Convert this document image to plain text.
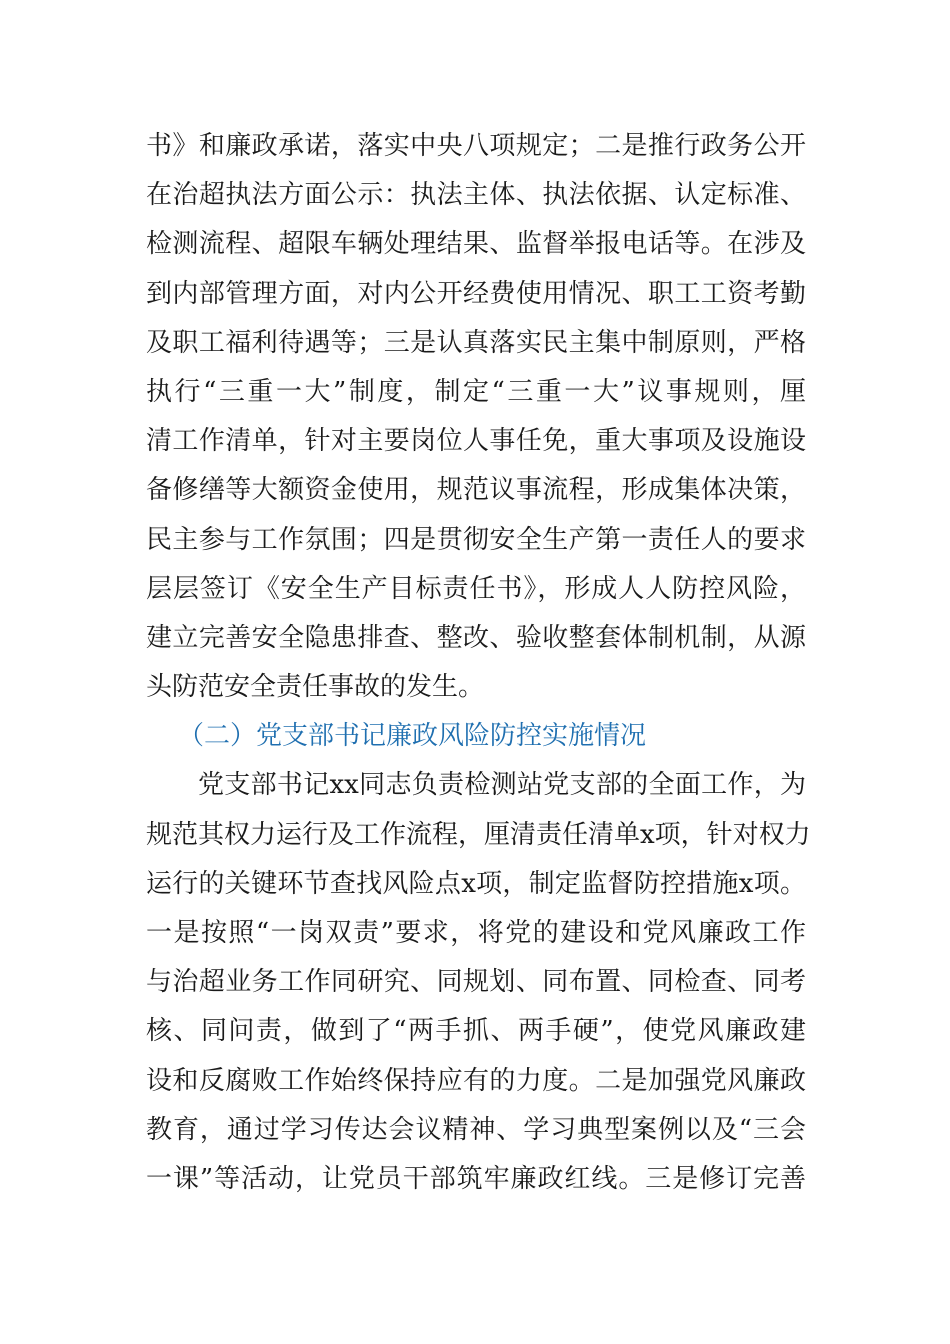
书》和廉政承诺，落实中央八项规定；二是推行政务公开
在治超执法方面公示：执法主体、执法依据、认定标准、
检测流程、超限车辆处理结果、监督举报电话等。在涉及
到内部管理方面，对内公开经费使用情况、职工工资考勤
及职工福利待遇等；三是认真落实民主集中制原则，严格
执行“三重一大”制度，制定“三重一大”议事规则，厘
清工作清单，针对主要岗位人事任免，重大事项及设施设
备修缮等大额资金使用，规范议事流程，形成集体决策，
民主参与工作氛围；四是贯彻安全生产第一责任人的要求
层层签订《安全生产目标责任书》，形成人人防控风险，
建立完善安全隐患排查、整改、验收整套体制机制，从源
头防范安全责任事故的发生。
（二）党支部书记廉政风险防控实施情况
党支部书记xx同志负责检测站党支部的全面工作，为
规范其权力运行及工作流程，厘清责任清单x项，针对权力
运行的关键环节查找风险点x项，制定监督防控措施x项。
一是按照“一岗双责”要求，将党的建设和党风廉政工作
与治超业务工作同研究、同规划、同布置、同检查、同考
核、同问责，做到了“两手抓、两手硬”，使党风廉政建
设和反腐败工作始终保持应有的力度。二是加强党风廉政
教育，通过学习传达会议精神、学习典型案例以及“三会
一课”等活动，让党员干部筑牢廉政红线。三是修订完善
